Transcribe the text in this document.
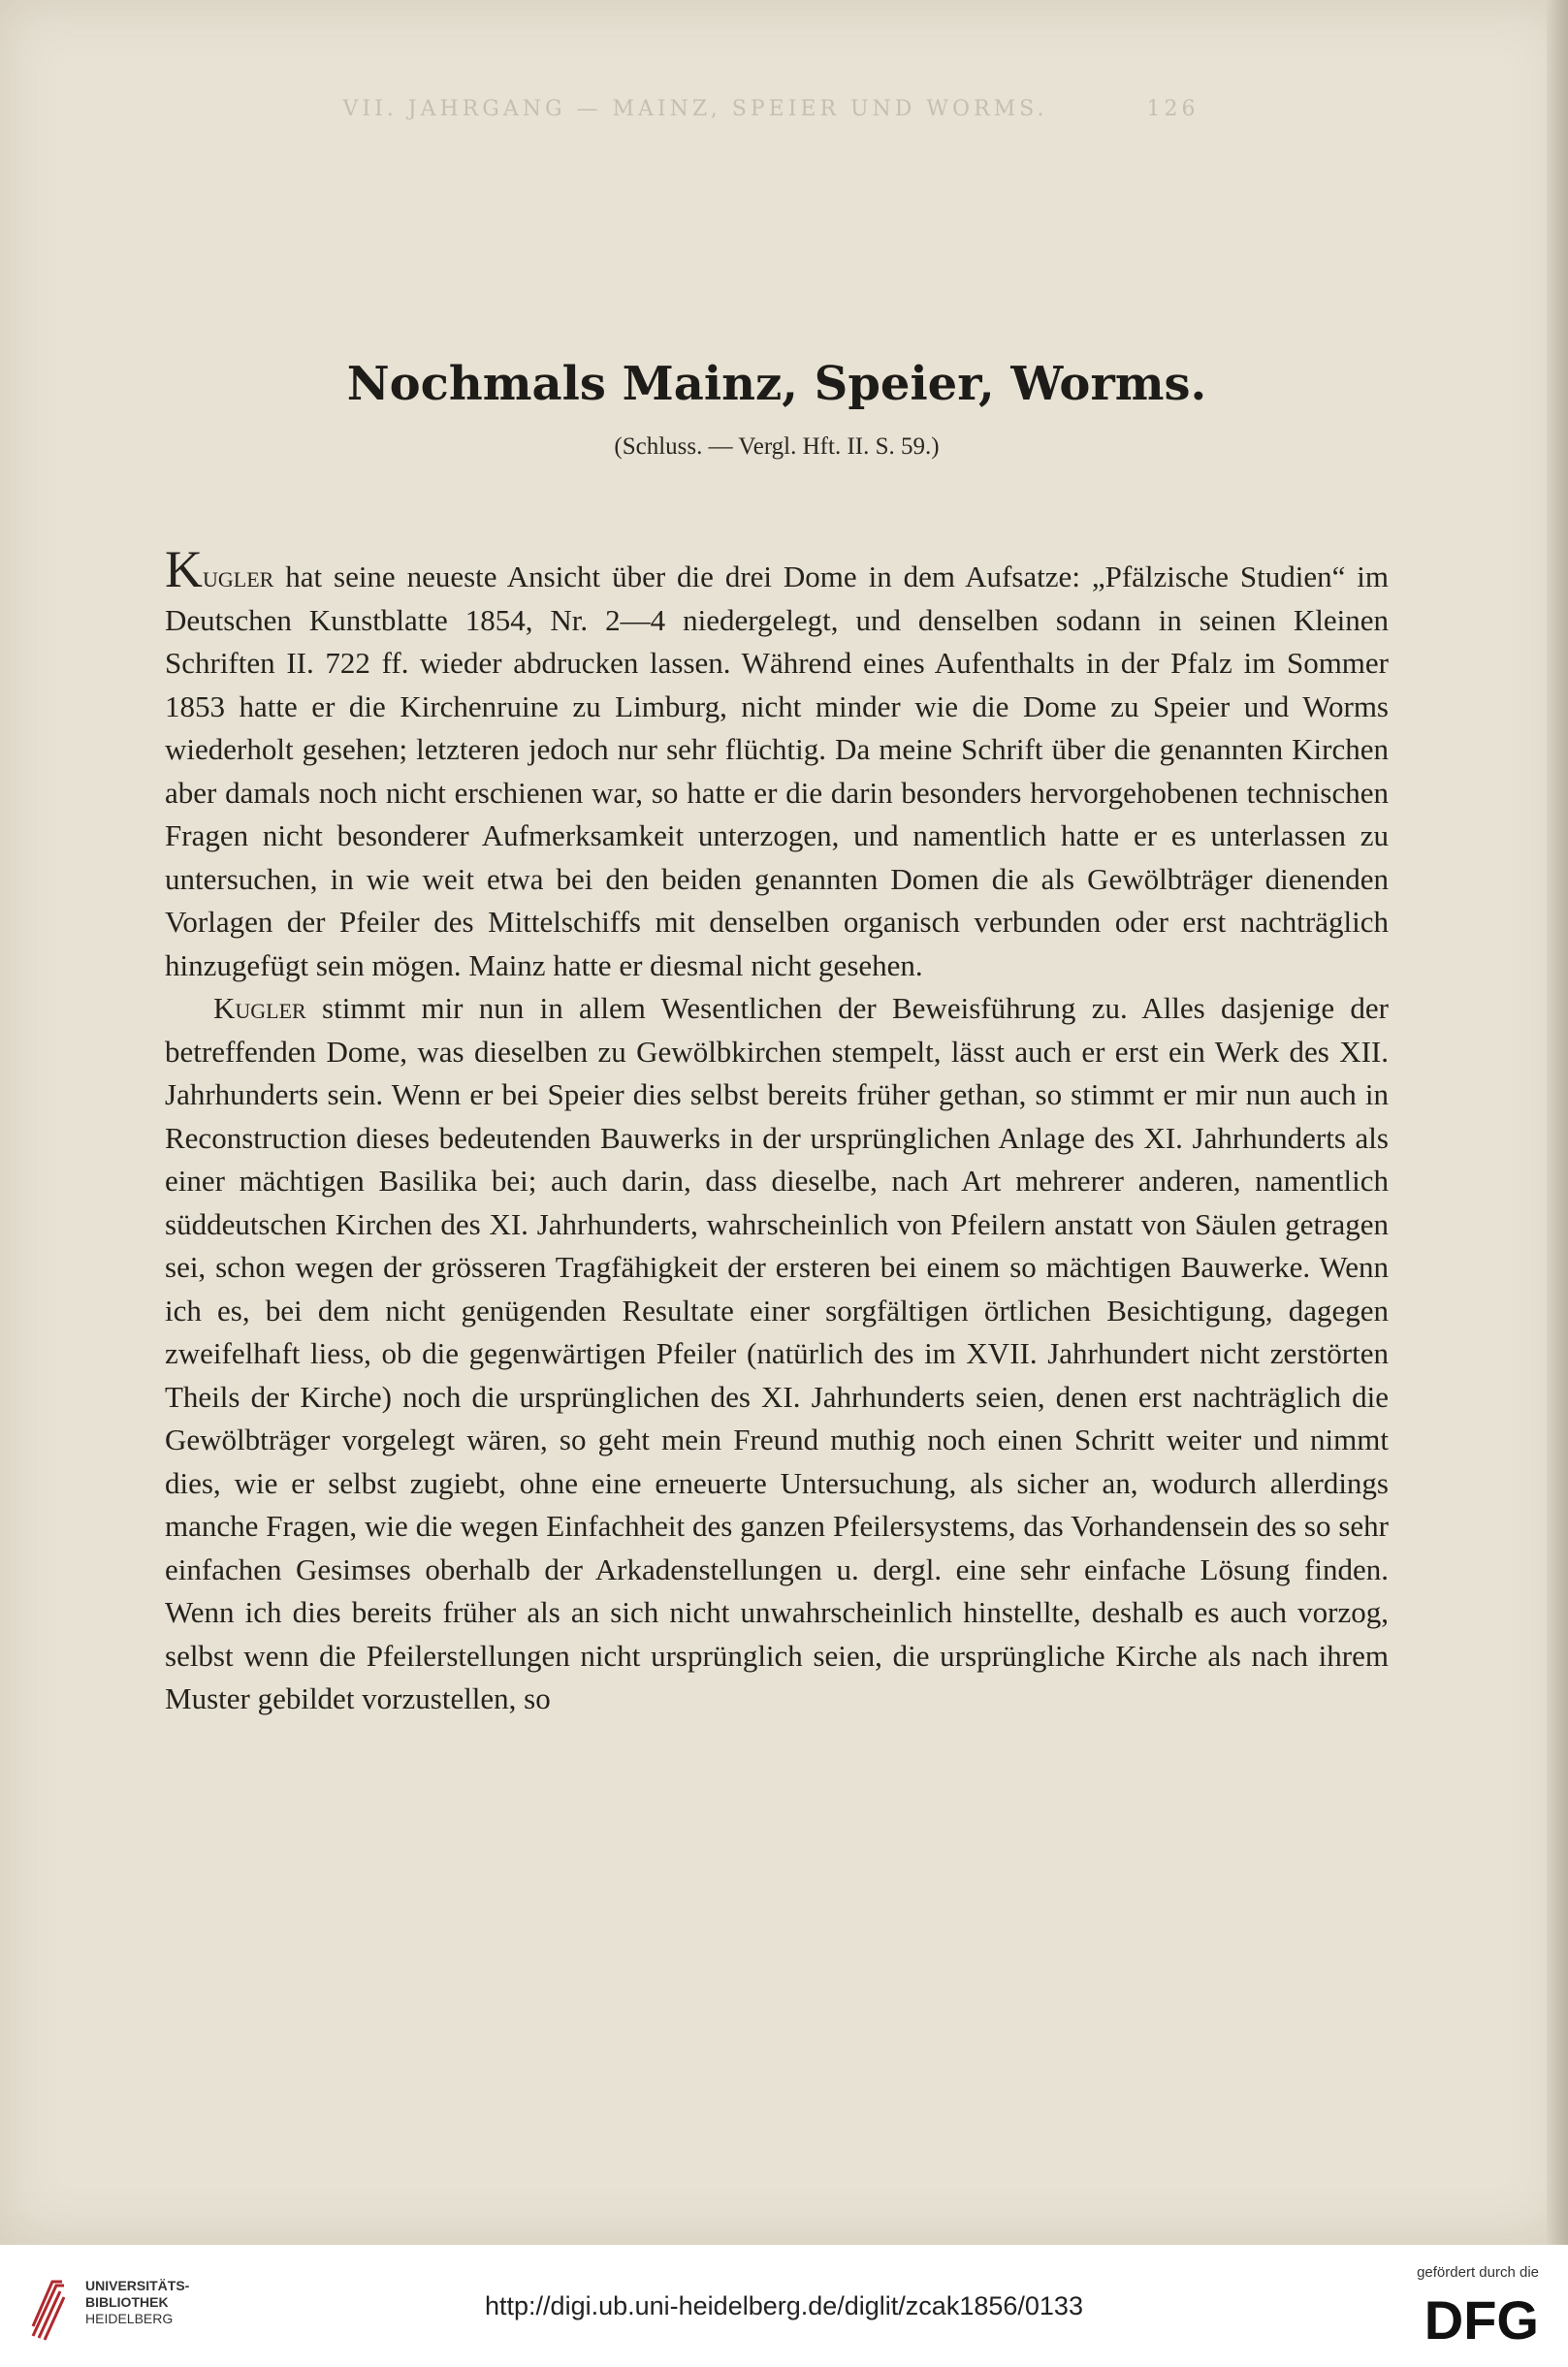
VII. JAHRGANG — MAINZ, SPEIER UND WORMS.	126
Nochmals Mainz, Speier, Worms.
(Schluss. — Vergl. Hft. II. S. 59.)

Kugler hat seine neueste Ansicht über die drei Dome in dem Aufsatze: „Pfälzische Studien“ im Deutschen Kunstblatte 1854, Nr. 2—4 niedergelegt, und denselben sodann in seinen Kleinen Schriften II. 722 ff. wieder abdrucken lassen. Während eines Aufenthalts in der Pfalz im Sommer 1853 hatte er die Kirchenruine zu Limburg, nicht minder wie die Dome zu Speier und Worms wiederholt gesehen; letzteren jedoch nur sehr flüchtig. Da meine Schrift über die genannten Kirchen aber damals noch nicht erschienen war, so hatte er die darin besonders hervorgehobenen technischen Fragen nicht besonderer Aufmerksamkeit unterzogen, und namentlich hatte er es unterlassen zu untersuchen, in wie weit etwa bei den beiden genannten Domen die als Gewölbträger dienenden Vorlagen der Pfeiler des Mittelschiffs mit denselben organisch verbunden oder erst nachträglich hinzugefügt sein mögen. Mainz hatte er diesmal nicht gesehen.

Kugler stimmt mir nun in allem Wesentlichen der Beweisführung zu. Alles dasjenige der betreffenden Dome, was dieselben zu Gewölbkirchen stempelt, lässt auch er erst ein Werk des XII. Jahrhunderts sein. Wenn er bei Speier dies selbst bereits früher gethan, so stimmt er mir nun auch in Reconstruction dieses bedeutenden Bauwerks in der ursprünglichen Anlage des XI. Jahrhunderts als einer mächtigen Basilika bei; auch darin, dass dieselbe, nach Art mehrerer anderen, namentlich süddeutschen Kirchen des XI. Jahrhunderts, wahrscheinlich von Pfeilern anstatt von Säulen getragen sei, schon wegen der grösseren Tragfähigkeit der ersteren bei einem so mächtigen Bauwerke. Wenn ich es, bei dem nicht genügenden Resultate einer sorgfältigen örtlichen Besichtigung, dagegen zweifelhaft liess, ob die gegenwärtigen Pfeiler (natürlich des im XVII. Jahrhundert nicht zerstörten Theils der Kirche) noch die ursprünglichen des XI. Jahrhunderts seien, denen erst nachträglich die Gewölbträger vorgelegt wären, so geht mein Freund muthig noch einen Schritt weiter und nimmt dies, wie er selbst zugiebt, ohne eine erneuerte Untersuchung, als sicher an, wodurch allerdings manche Fragen, wie die wegen Einfachheit des ganzen Pfeilersystems, das Vorhandensein des so sehr einfachen Gesimses oberhalb der Arkadenstellungen u. dergl. eine sehr einfache Lösung finden. Wenn ich dies bereits früher als an sich nicht unwahrscheinlich hinstellte, deshalb es auch vorzog, selbst wenn die Pfeilerstellungen nicht ursprünglich seien, die ursprüngliche Kirche als nach ihrem Muster gebildet vorzustellen, so

UNIVERSITÄTS-
BIBLIOTHEK
HEIDELBERG	http://digi.ub.uni-heidelberg.de/diglit/zcak1856/0133
gefördert durch die
DFG
